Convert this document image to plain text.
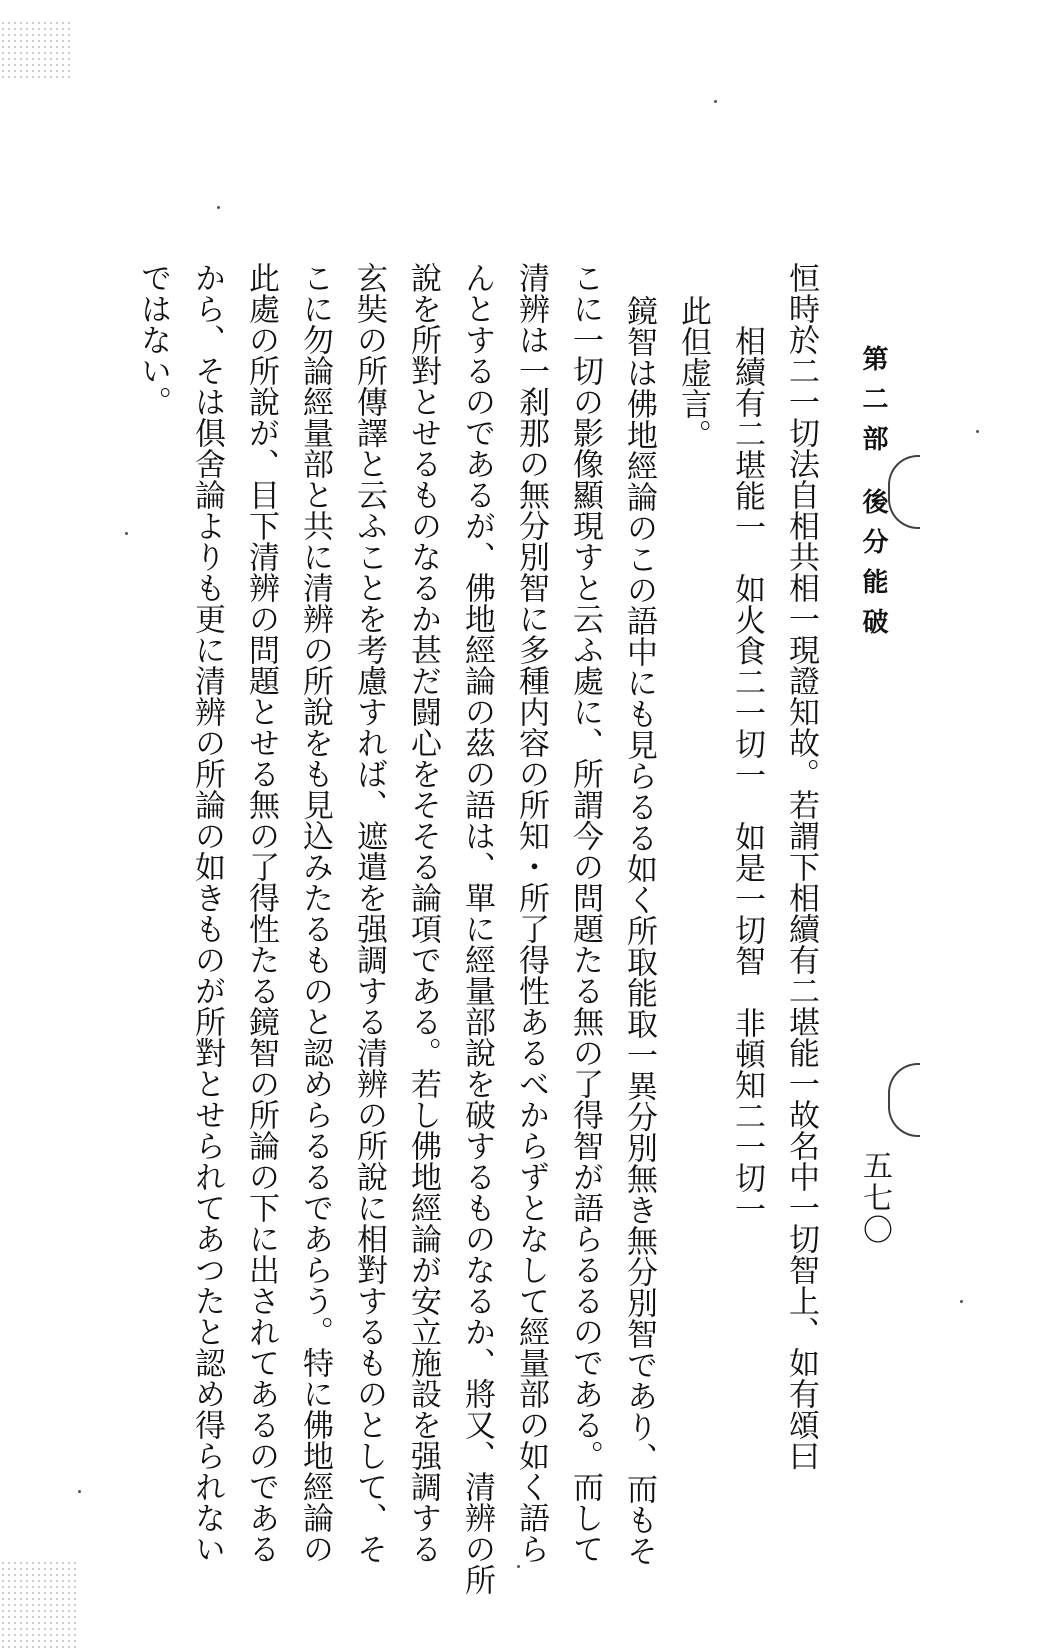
第二部 後分能破
五七〇
恒時於二一切法自相共相一現證知故。若謂下相續有二堪能一故名中一切智上、如有頌曰
相續有二堪能一　如火食二一切一　如是一切智　非頓知二一切一
此但虚言。
鏡智は佛地經論のこの語中にも見らるる如く所取能取一異分別無き無分別智であり、而もそ
こに一切の影像顯現すと云ふ處に、所謂今の問題たる無の了得智が語らるるのである。而して
清辨は一刹那の無分別智に多種内容の所知・所了得性あるべからずとなして經量部の如く語ら
んとするのであるが、佛地經論の茲の語は、單に經量部說を破するものなるか、將又、清辨の所
說を所對とせるものなるか甚だ闘心をそそる論項である。若し佛地經論が安立施設を强調する
玄奘の所傳譯と云ふことを考慮すれば、遮遣を强調する清辨の所說に相對するものとして、そ
こに勿論經量部と共に清辨の所說をも見込みたるものと認めらるるであらう。特に佛地經論の
此處の所說が、目下清辨の問題とせる無の了得性たる鏡智の所論の下に出されてあるのである
から、そは俱舍論よりも更に清辨の所論の如きものが所對とせられてあつたと認め得られない
ではない。
